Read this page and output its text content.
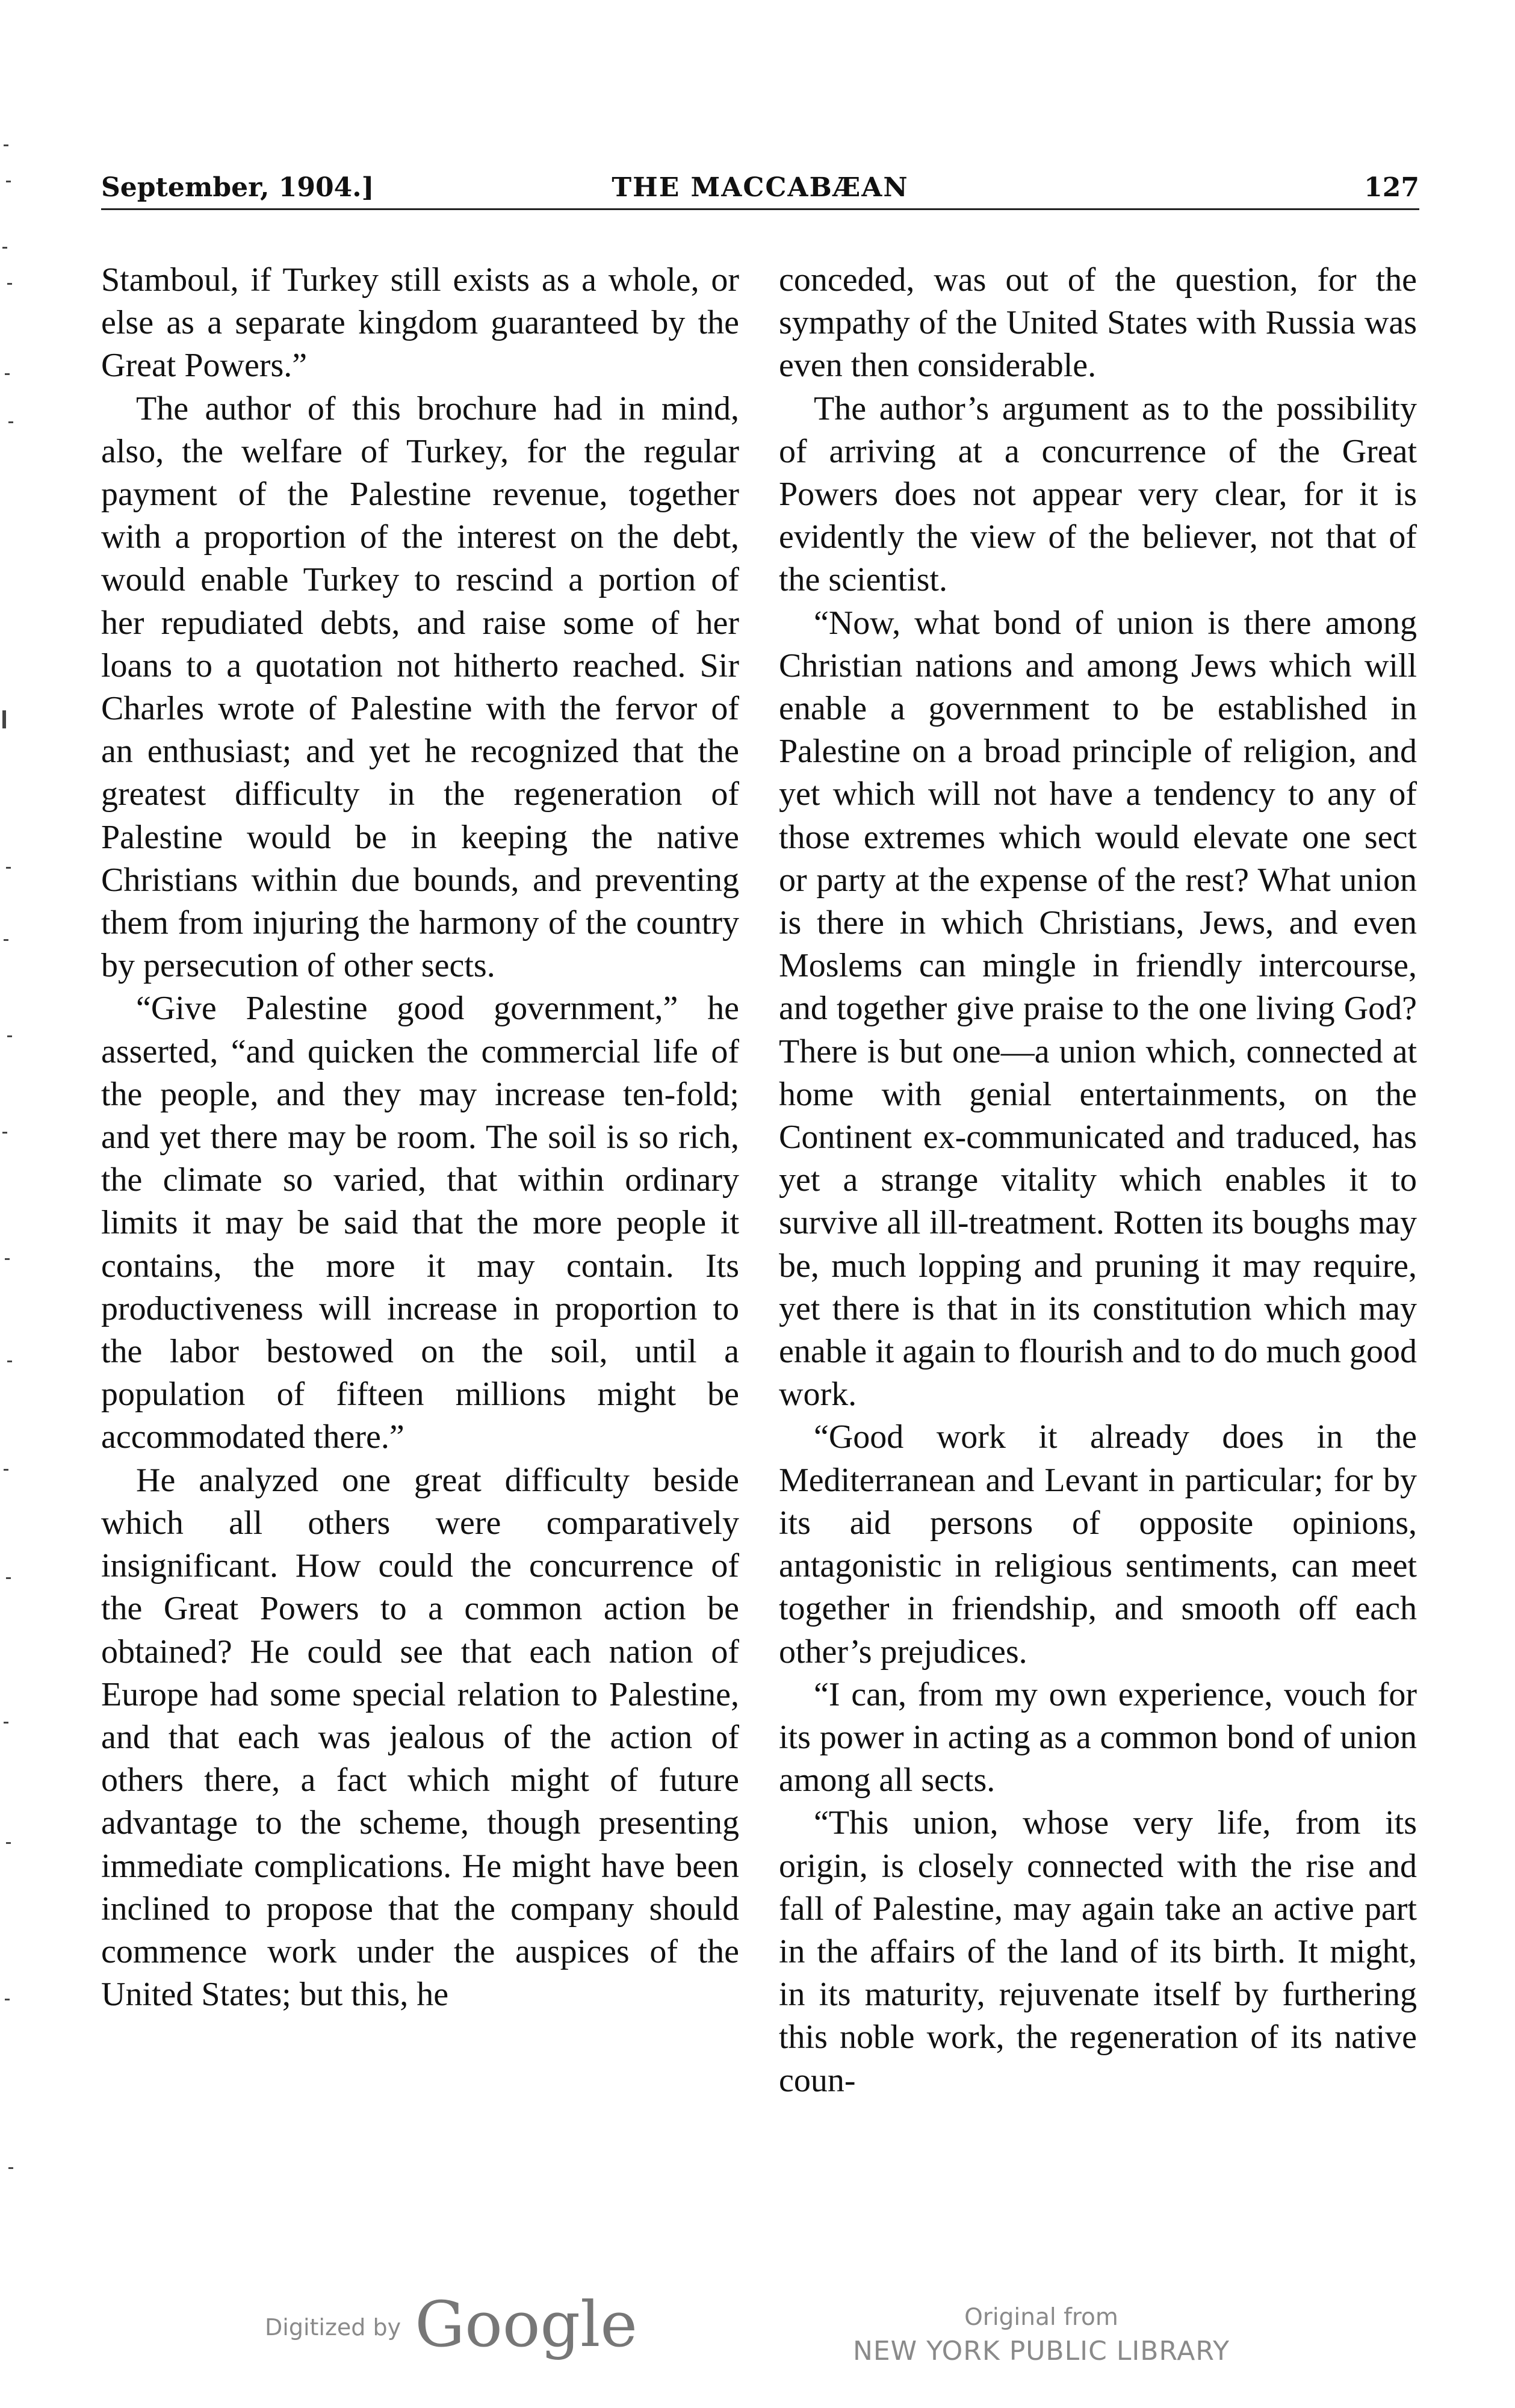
September, 1904.]	THE MACCABÆAN	127

Stamboul, if Turkey still exists as a whole, or else as a separate kingdom guaranteed by the Great Powers.”

The author of this brochure had in mind, also, the welfare of Turkey, for the regular payment of the Palestine revenue, together with a proportion of the interest on the debt, would enable Turkey to rescind a portion of her repudiated debts, and raise some of her loans to a quotation not hitherto reached. Sir Charles wrote of Palestine with the fervor of an enthusiast; and yet he recognized that the greatest difficulty in the regeneration of Palestine would be in keeping the native Christians within due bounds, and preventing them from injuring the harmony of the country by persecution of other sects.

“Give Palestine good government,” he asserted, “and quicken the commercial life of the people, and they may increase ten-fold; and yet there may be room. The soil is so rich, the climate so varied, that within ordinary limits it may be said that the more people it contains, the more it may contain. Its productiveness will increase in proportion to the labor bestowed on the soil, until a population of fifteen millions might be accommodated there.”

He analyzed one great difficulty beside which all others were comparatively insignificant. How could the concurrence of the Great Powers to a common action be obtained? He could see that each nation of Europe had some special relation to Palestine, and that each was jealous of the action of others there, a fact which might of future advantage to the scheme, though presenting immediate complications. He might have been inclined to propose that the company should commence work under the auspices of the United States; but this, he

conceded, was out of the question, for the sympathy of the United States with Russia was even then considerable.

The author’s argument as to the possibility of arriving at a concurrence of the Great Powers does not appear very clear, for it is evidently the view of the believer, not that of the scientist.

“Now, what bond of union is there among Christian nations and among Jews which will enable a government to be established in Palestine on a broad principle of religion, and yet which will not have a tendency to any of those extremes which would elevate one sect or party at the expense of the rest? What union is there in which Christians, Jews, and even Moslems can mingle in friendly intercourse, and together give praise to the one living God? There is but one—a union which, connected at home with genial entertainments, on the Continent ex-communicated and traduced, has yet a strange vitality which enables it to survive all ill-treatment. Rotten its boughs may be, much lopping and pruning it may require, yet there is that in its constitution which may enable it again to flourish and to do much good work.

“Good work it already does in the Mediterranean and Levant in particular; for by its aid persons of opposite opinions, antagonistic in religious sentiments, can meet together in friendship, and smooth off each other’s prejudices.

“I can, from my own experience, vouch for its power in acting as a common bond of union among all sects.

“This union, whose very life, from its origin, is closely connected with the rise and fall of Palestine, may again take an active part in the affairs of the land of its birth. It might, in its maturity, rejuvenate itself by furthering this noble work, the regeneration of its native coun-

Digitized by Google	Original from
NEW YORK PUBLIC LIBRARY
